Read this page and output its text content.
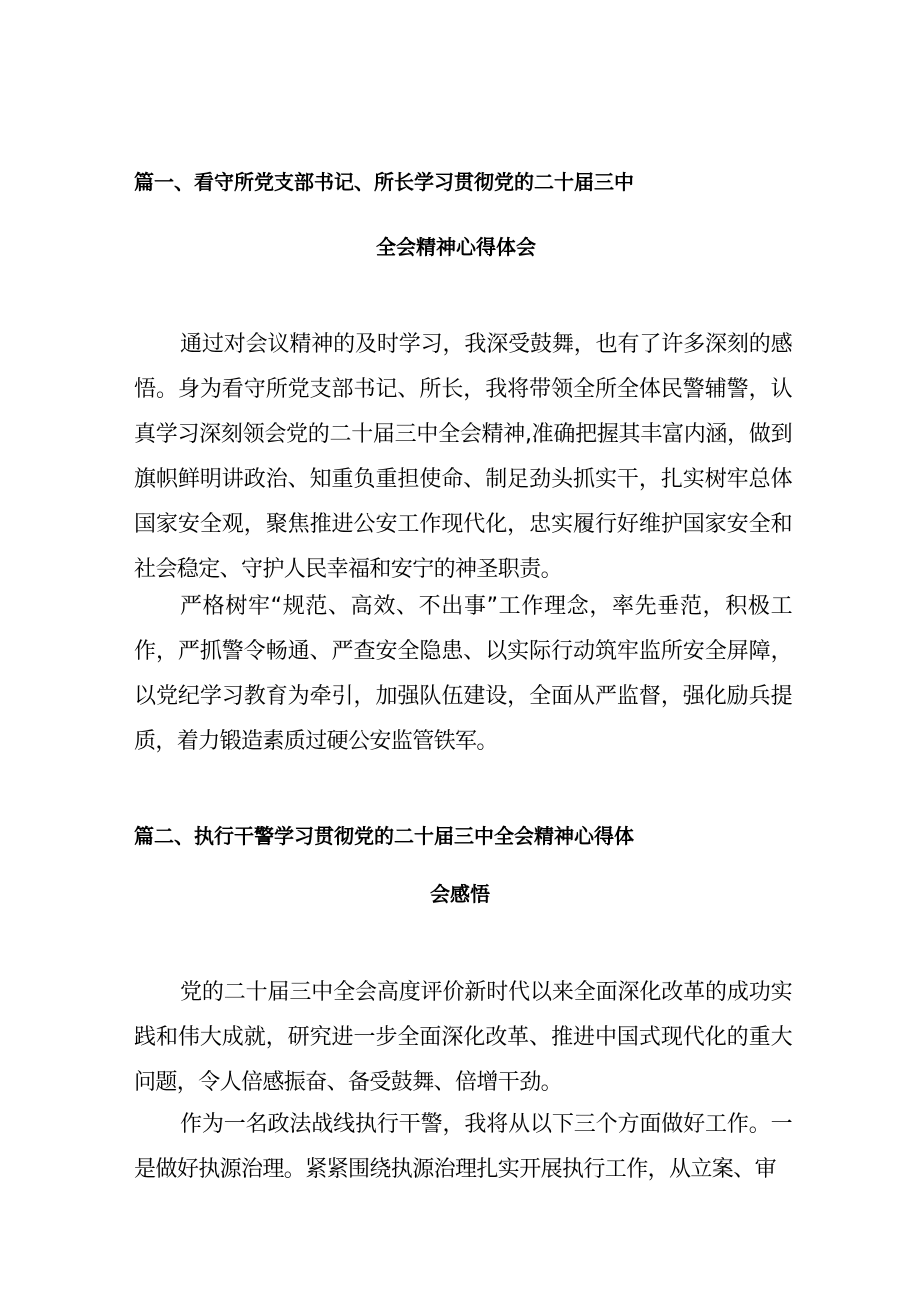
篇一、看守所党支部书记、所长学习贯彻党的二十届三中
全会精神心得体会

通过对会议精神的及时学习，我深受鼓舞，也有了许多深刻的感悟。身为看守所党支部书记、所长，我将带领全所全体民警辅警，认真学习深刻领会党的二十届三中全会精神,准确把握其丰富内涵，做到旗帜鲜明讲政治、知重负重担使命、制足劲头抓实干，扎实树牢总体国家安全观，聚焦推进公安工作现代化，忠实履行好维护国家安全和社会稳定、守护人民幸福和安宁的神圣职责。

严格树牢“规范、高效、不出事”工作理念，率先垂范，积极工作，严抓警令畅通、严查安全隐患、以实际行动筑牢监所安全屏障，以党纪学习教育为牵引，加强队伍建设，全面从严监督，强化励兵提质，着力锻造素质过硬公安监管铁军。

篇二、执行干警学习贯彻党的二十届三中全会精神心得体
会感悟

党的二十届三中全会高度评价新时代以来全面深化改革的成功实践和伟大成就，研究进一步全面深化改革、推进中国式现代化的重大问题，令人倍感振奋、备受鼓舞、倍增干劲。

作为一名政法战线执行干警，我将从以下三个方面做好工作。一是做好执源治理。紧紧围绕执源治理扎实开展执行工作，从立案、审
